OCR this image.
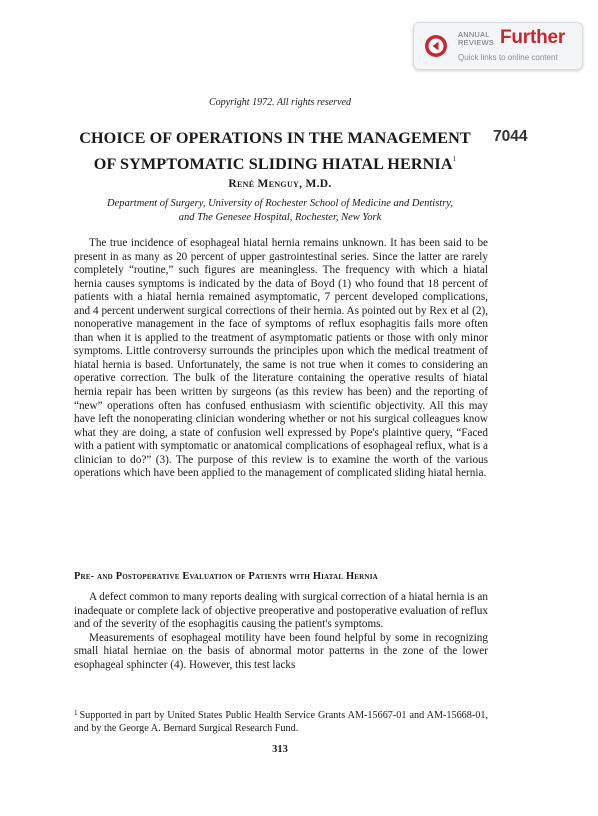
ANNUAL
REVIEWS Further
Quick links to online content
Copyright 1972. All rights reserved
CHOICE OF OPERATIONS IN THE MANAGEMENT
OF SYMPTOMATIC SLIDING HIATAL HERNIA$^1$
7044
René Menguy, M.D.
Department of Surgery, University of Rochester School of Medicine and Dentistry,
and The Genesee Hospital, Rochester, New York

The true incidence of esophageal hiatal hernia remains unknown. It has been said to be present in as many as 20 percent of upper gastrointestinal series. Since the latter are rarely completely “routine,” such figures are meaningless. The frequency with which a hiatal hernia causes symptoms is indicated by the data of Boyd (1) who found that 18 percent of patients with a hiatal hernia remained asymptomatic, 7 percent developed complications, and 4 percent underwent surgical corrections of their hernia. As pointed out by Rex et al (2), nonoperative management in the face of symptoms of reflux esophagitis fails more often than when it is applied to the treatment of asymptomatic patients or those with only minor symptoms. Little controversy surrounds the principles upon which the medical treatment of hiatal hernia is based. Unfortunately, the same is not true when it comes to considering an operative correction. The bulk of the literature containing the operative results of hiatal hernia repair has been written by surgeons (as this review has been) and the reporting of “new” operations often has confused enthusiasm with scientific objectivity. All this may have left the nonoperating clinician wondering whether or not his surgical colleagues know what they are doing, a state of confusion well expressed by Pope's plaintive query, “Faced with a patient with symptomatic or anatomical complications of esophageal reflux, what is a clinician to do?” (3). The purpose of this review is to examine the worth of the various operations which have been applied to the management of complicated sliding hiatal hernia.

Pre- and Postoperative Evaluation of Patients with Hiatal Hernia

A defect common to many reports dealing with surgical correction of a hiatal hernia is an inadequate or complete lack of objective preoperative and postoperative evaluation of reflux and of the severity of the esophagitis causing the patient's symptoms.

Measurements of esophageal motility have been found helpful by some in recognizing small hiatal herniae on the basis of abnormal motor patterns in the zone of the lower esophageal sphincter (4). However, this test lacks

$^1$ Supported in part by United States Public Health Service Grants AM-15667-01 and AM-15668-01, and by the George A. Bernard Surgical Research Fund.
313
